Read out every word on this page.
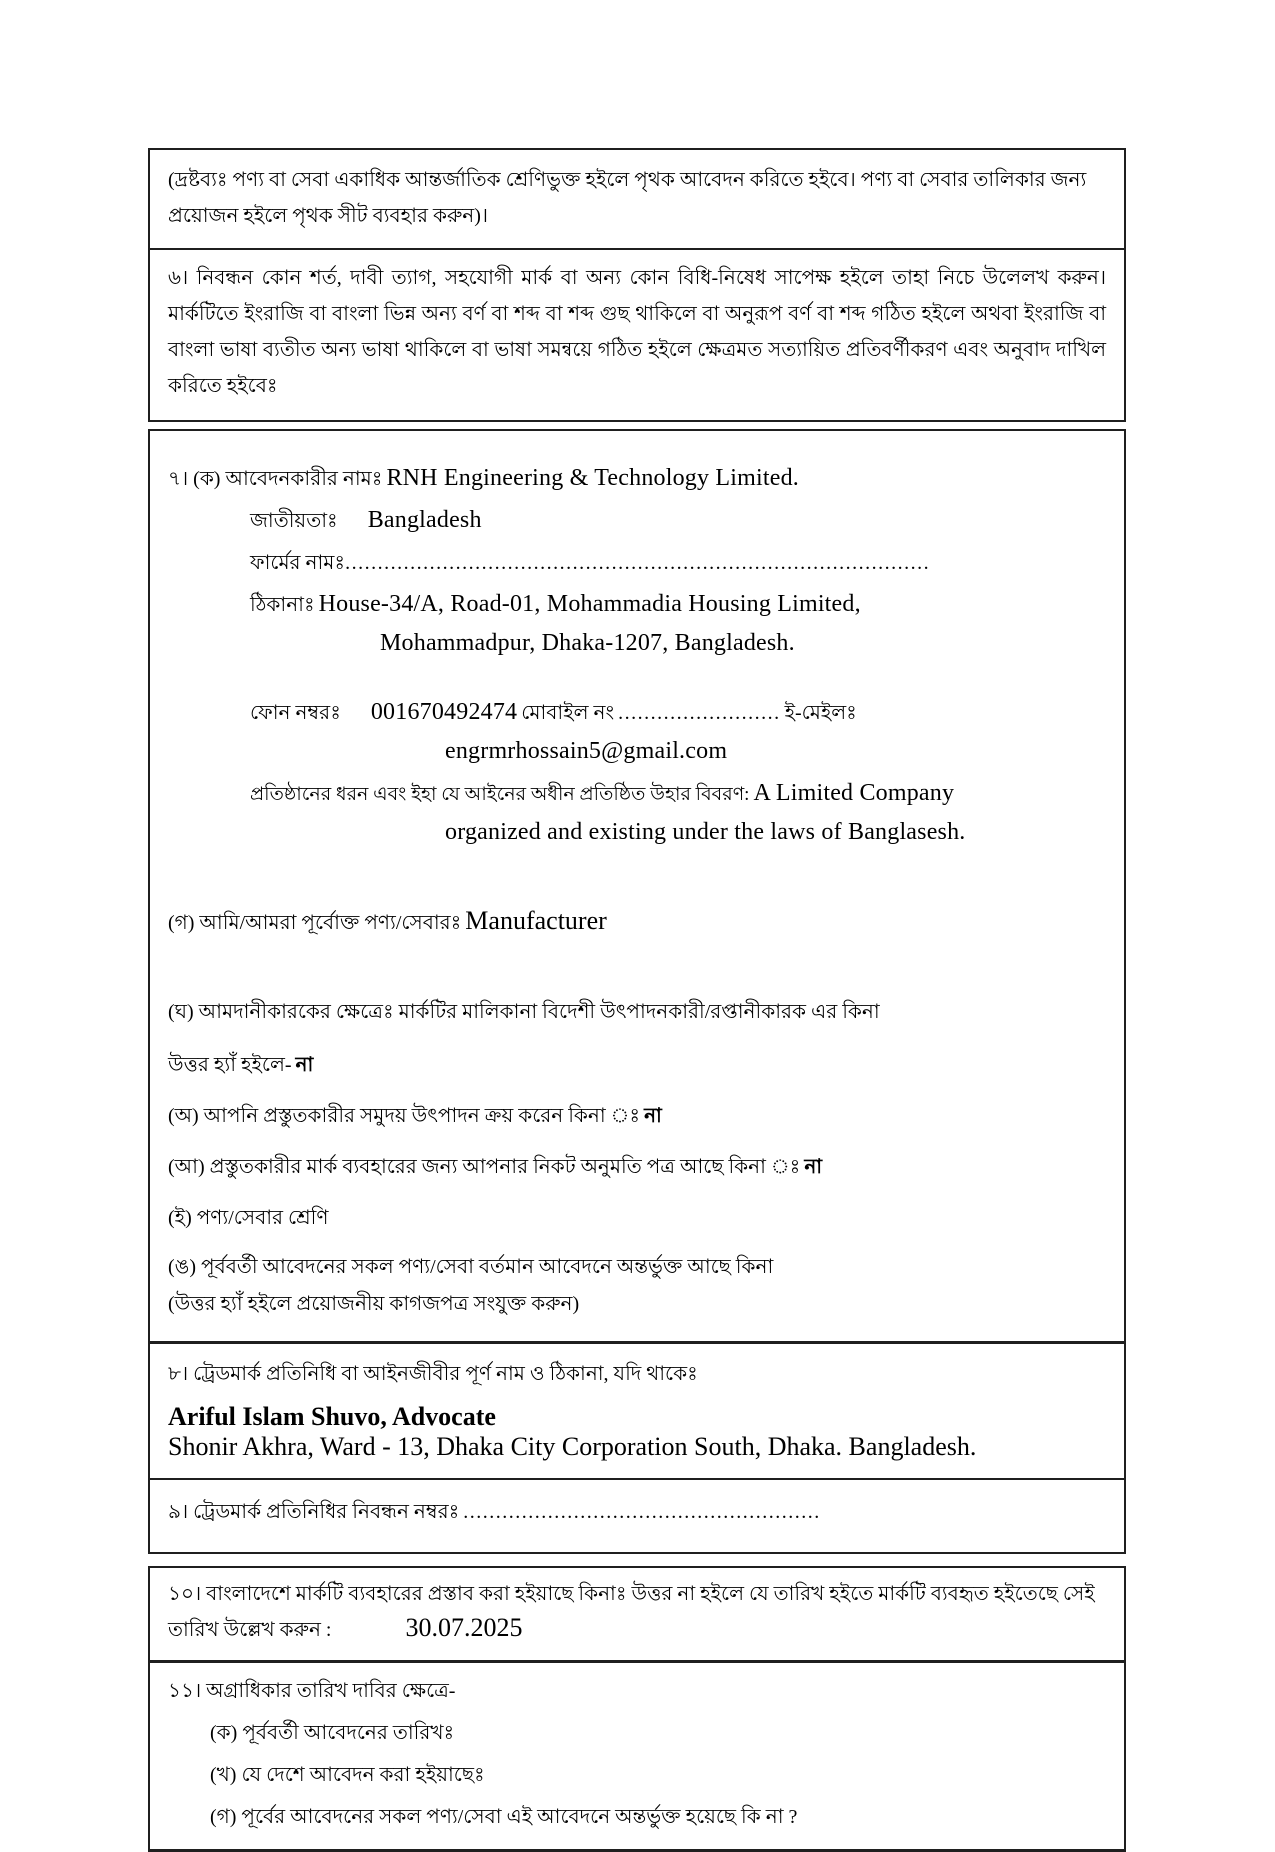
(দ্রষ্টব্যঃ পণ্য বা সেবা একাধিক আন্তর্জাতিক শ্রেণিভুক্ত হইলে পৃথক আবেদন করিতে হইবে। পণ্য বা সেবার তালিকার জন্য প্রয়োজন হইলে পৃথক সীট ব্যবহার করুন)।

৬। নিবন্ধন কোন শর্ত, দাবী ত্যাগ, সহযোগী মার্ক বা অন্য কোন বিধি-নিষেধ সাপেক্ষ হইলে তাহা নিচে উলেলখ করুন। মার্কটিতে ইংরাজি বা বাংলা ভিন্ন অন্য বর্ণ বা শব্দ বা শব্দ গুছ থাকিলে বা অনুরূপ বর্ণ বা শব্দ গঠিত হইলে অথবা ইংরাজি বা বাংলা ভাষা ব্যতীত অন্য ভাষা থাকিলে বা ভাষা সমন্বয়ে গঠিত হইলে ক্ষেত্রমত সত্যায়িত প্রতিবর্ণীকরণ এবং অনুবাদ দাখিল করিতে হইবেঃ

৭। (ক) আবেদনকারীর নামঃ RNH Engineering & Technology Limited.
জাতীয়তাঃ Bangladesh
ফার্মের নামঃ..........................................................................................
ঠিকানাঃ House-34/A, Road-01, Mohammadia Housing Limited,
Mohammadpur, Dhaka-1207, Bangladesh.
ফোন নম্বরঃ 001670492474 মোবাইল নং ......................... ই-মেইলঃ
engrmrhossain5@gmail.com
প্রতিষ্ঠানের ধরন এবং ইহা যে আইনের অধীন প্রতিষ্ঠিত উহার বিবরণ: A Limited Company
organized and existing under the laws of Banglasesh.
(গ) আমি/আমরা পূর্বোক্ত পণ্য/সেবারঃ Manufacturer
(ঘ) আমদানীকারকের ক্ষেত্রেঃ মার্কটির মালিকানা বিদেশী উৎপাদনকারী/রপ্তানীকারক এর কিনা
উত্তর হ্যাঁ হইলে- না
(অ) আপনি প্রস্তুতকারীর সমুদয় উৎপাদন ক্রয় করেন কিনা ◌ঃ না
(আ) প্রস্তুতকারীর মার্ক ব্যবহারের জন্য আপনার নিকট অনুমতি পত্র আছে কিনা ◌ঃ না
(ই) পণ্য/সেবার শ্রেণি
(ঙ) পূর্ববর্তী আবেদনের সকল পণ্য/সেবা বর্তমান আবেদনে অন্তর্ভুক্ত আছে কিনা
(উত্তর হ্যাঁ হইলে প্রয়োজনীয় কাগজপত্র সংযুক্ত করুন)

৮। ট্রেডমার্ক প্রতিনিধি বা আইনজীবীর পূর্ণ নাম ও ঠিকানা, যদি থাকেঃ

Ariful Islam Shuvo, Advocate

Shonir Akhra, Ward - 13, Dhaka City Corporation South, Dhaka. Bangladesh.

৯। ট্রেডমার্ক প্রতিনিধির নিবন্ধন নম্বরঃ .......................................................

১০। বাংলাদেশে মার্কটি ব্যবহারের প্রস্তাব করা হইয়াছে কিনাঃ উত্তর না হইলে যে তারিখ হইতে মার্কটি ব্যবহৃত হইতেছে সেই

তারিখ উল্লেখ করুন :	30.07.2025

১১। অগ্রাধিকার তারিখ দাবির ক্ষেত্রে-

(ক) পূর্ববর্তী আবেদনের তারিখঃ

(খ) যে দেশে আবেদন করা হইয়াছেঃ

(গ) পূর্বের আবেদনের সকল পণ্য/সেবা এই আবেদনে অন্তর্ভুক্ত হয়েছে কি না ?
